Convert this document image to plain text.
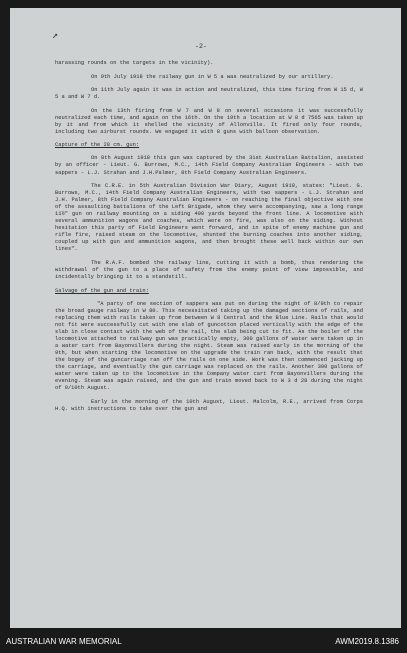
↗
-2-

harassing rounds on the targets in the vicinity).

On 9th July 1918 the railway gun in W 5 a was neutralized by our artillery.

On 11th July again it was in action and neutralized, this time firing from W 15 d, W 5 a and W 7 d.

On the 13th firing from W 7 and W 8 on several occasions it was successfully neutralized each time, and again on the 16th. On the 19th a location at W 8 d 7565 was taken up by it and from which it shelled the vicinity of Allonville. It fired only four rounds, including two airburst rounds. We engaged it with 8 guns with balloon observation.

Capture of the 28 cm. gun:

On 8th August 1918 this gun was captured by the 31st Australian Battalion, assisted by an officer - Lieut. G. Burrows, M.C., 14th Field Company Australian Engineers - with two sappers - L.J. Strahan and J.H.Palmer, 8th Field Company Australian Engineers.

The C.R.E. in 5th Australian Division War Diary, August 1918, states: "Lieut. G. Burrows, M.C., 14th Field Company Australian Engineers, with two sappers - L.J. Strahan and J.H. Palmer, 8th Field Company Australian Engineers - on reaching the final objective with one of the assaulting battalions of the Left Brigade, whom they were accompanying, saw a long range 11½" gun on railway mounting on a siding 400 yards beyond the front line. A locomotive with several ammunition wagons and coaches, which were on fire, was also on the siding. Without hesitation this party of Field Engineers went forward, and in spite of enemy machine gun and rifle fire, raised steam on the locomotive, shunted the burning coaches into another siding, coupled up with gun and ammunition wagons, and then brought these well back within our own lines".

The R.A.F. bombed the railway line, cutting it with a bomb, thus rendering the withdrawal of the gun to a place of safety from the enemy point of view impossible, and incidentally bringing it to a standstill.

Salvage of the gun and train:

"A party of one section of sappers was put on during the night of 8/9th to repair the broad gauge railway in W 80. This necessitated taking up the damaged sections of rails, and replacing them with rails taken up from between W 8 Central and the Blue Line. Rails that would not fit were successfully cut with one slab of guncotton placed vertically with the edge of the slab in close contact with the web of the rail, the slab being cut to fit. As the boiler of the locomotive attached to railway gun was practically empty, 300 gallons of water were taken up in a water cart from Bayonvillers during the night. Steam was raised early in the morning of the 9th, but when starting the locomotive on the upgrade the train ran back, with the result that the bogey of the guncarriage ran off the rails on one side. Work was then commenced jacking up the carriage, and eventually the gun carriage was replaced on the rails. Another 300 gallons of water were taken up to the locomotive in the Company water cart from Bayonvillers during the evening. Steam was again raised, and the gun and train moved back to W 3 d 28 during the night of 9/10th August.

Early in the morning of the 10th August, Lieut. Malcolm, R.E., arrived from Corps H.Q. with instructions to take over the gun and

AUSTRALIAN WAR MEMORIAL	AWM2019.8.1386
